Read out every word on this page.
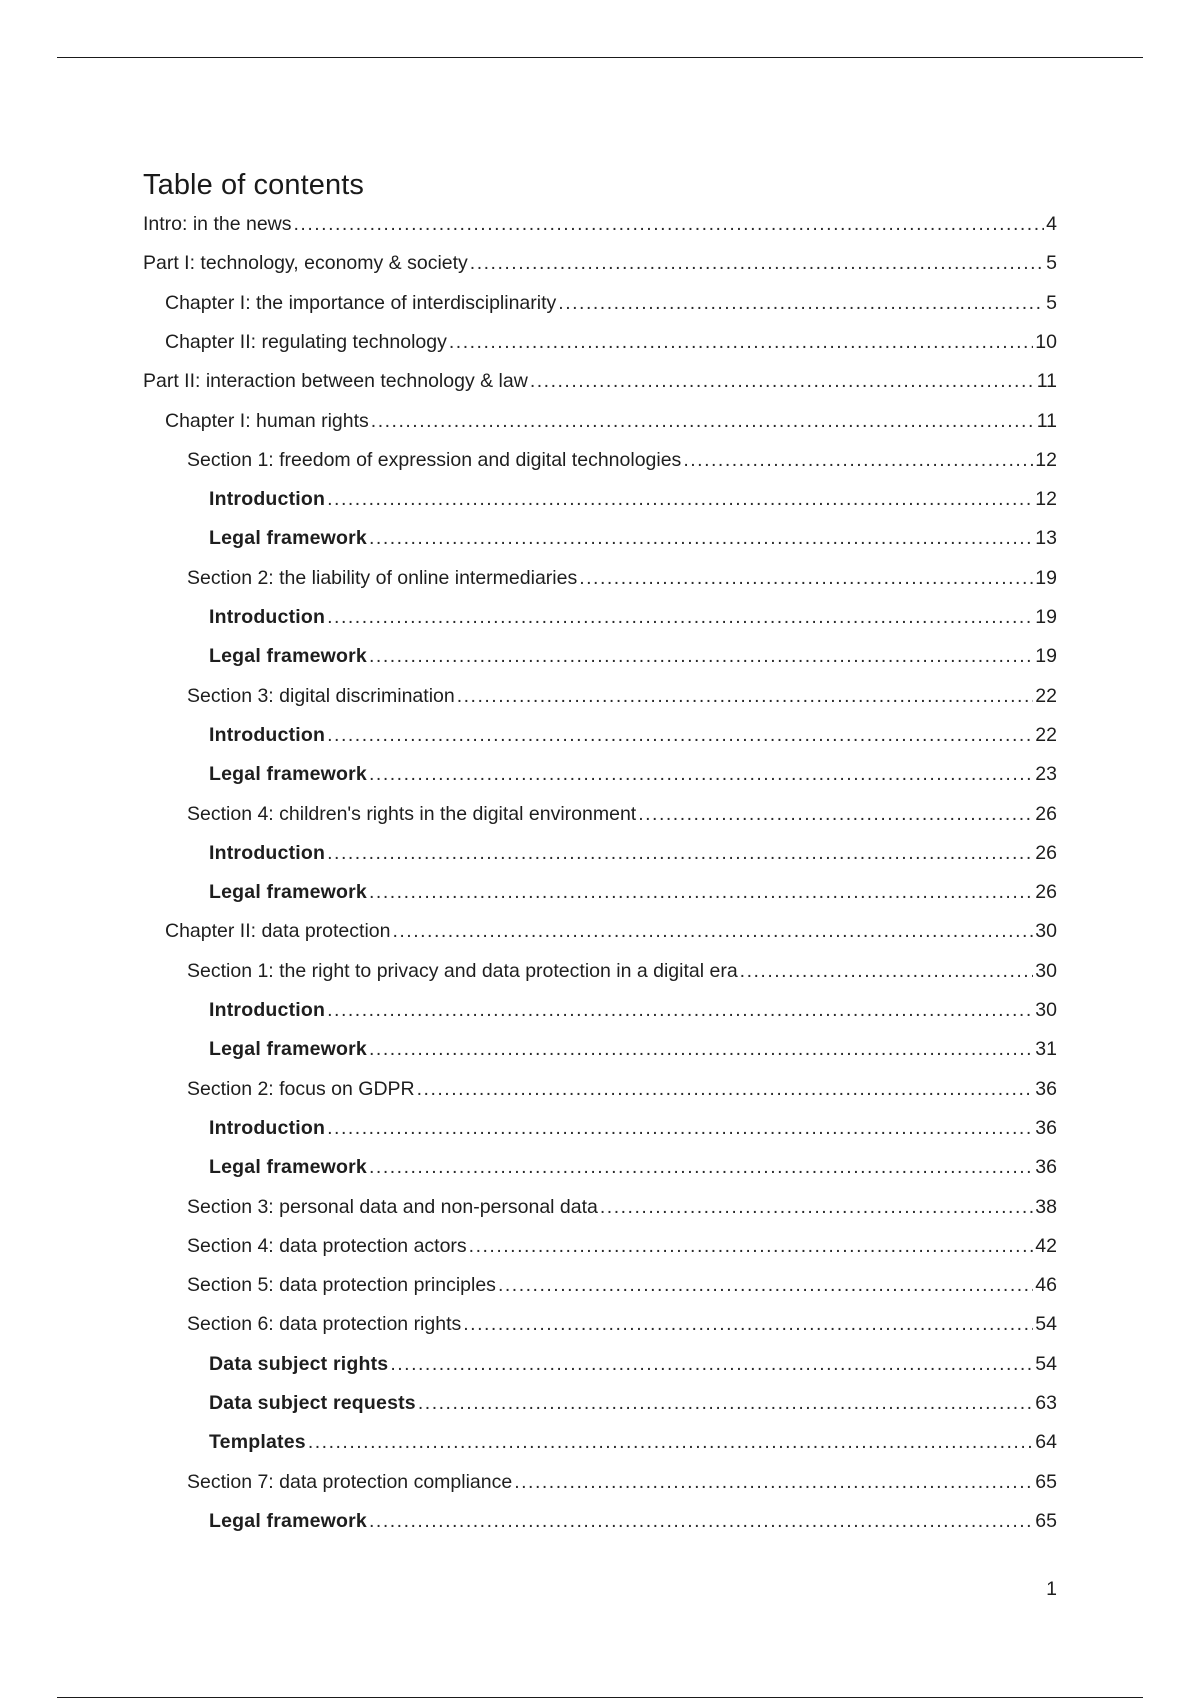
Table of contents
Intro: in the news .....	4
Part I: technology, economy & society .....	5
Chapter I: the importance of interdisciplinarity .....	5
Chapter II: regulating technology .....	10
Part II: interaction between technology & law .....	11
Chapter I: human rights .....	11
Section 1: freedom of expression and digital technologies .....	12
Introduction .....	12
Legal framework .....	13
Section 2: the liability of online intermediaries .....	19
Introduction .....	19
Legal framework .....	19
Section 3: digital discrimination .....	22
Introduction .....	22
Legal framework .....	23
Section 4: children's rights in the digital environment .....	26
Introduction .....	26
Legal framework .....	26
Chapter II: data protection .....	30
Section 1: the right to privacy and data protection in a digital era .....	30
Introduction .....	30
Legal framework .....	31
Section 2: focus on GDPR .....	36
Introduction .....	36
Legal framework .....	36
Section 3: personal data and non-personal data .....	38
Section 4: data protection actors .....	42
Section 5: data protection principles .....	46
Section 6: data protection rights .....	54
Data subject rights .....	54
Data subject requests .....	63
Templates .....	64
Section 7: data protection compliance .....	65
Legal framework .....	65
1
